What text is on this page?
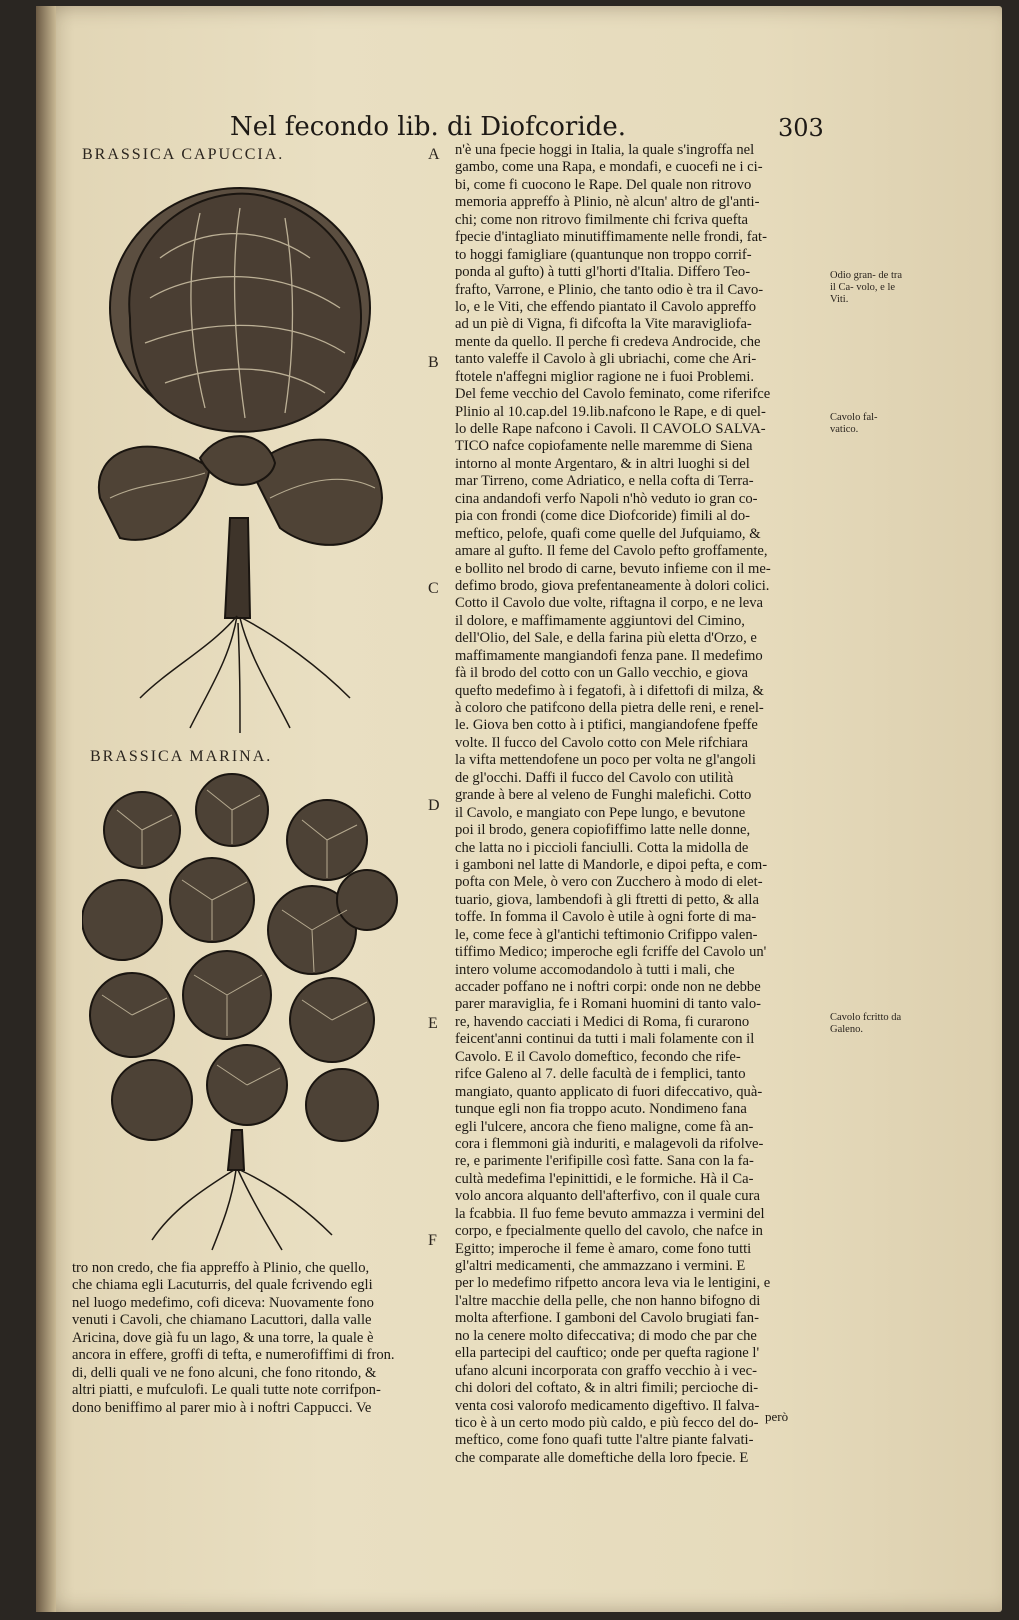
Nel fecondo lib. di Diofcoride.	303
BRASSICA CAPUCCIA.
BRASSICA MARINA.
tro non credo, che fia appreffo à Plinio, che quello,
che chiama egli Lacuturris, del quale fcrivendo egli
nel luogo medefimo, cofi diceva: Nuovamente fono
venuti i Cavoli, che chiamano Lacuttori, dalla valle
Aricina, dove già fu un lago, & una torre, la quale è
ancora in effere, groffi di tefta, e numerofiffimi di fron.
di, delli quali ve ne fono alcuni, che fono ritondo, &
altri piatti, e mufculofi. Le quali tutte note corrifpon-
dono beniffimo al parer mio à i noftri Cappucci. Ve
n'è una fpecie hoggi in Italia, la quale s'ingroffa nel
gambo, come una Rapa, e mondafi, e cuocefi ne i ci-
bi, come fi cuocono le Rape. Del quale non ritrovo
memoria appreffo à Plinio, nè alcun' altro de gl'anti-
chi; come non ritrovo fimilmente chi fcriva quefta
fpecie d'intagliato minutiffimamente nelle frondi, fat-
to hoggi famigliare (quantunque non troppo corrif-
ponda al gufto) à tutti gl'horti d'Italia. Differo Teo-
frafto, Varrone, e Plinio, che tanto odio è tra il Cavo-
lo, e le Viti, che effendo piantato il Cavolo appreffo
ad un piè di Vigna, fi difcofta la Vite maravigliofa-
mente da quello. Il perche fi credeva Androcide, che
tanto valeffe il Cavolo à gli ubriachi, come che Ari-
ftotele n'affegni miglior ragione ne i fuoi Problemi.
Del feme vecchio del Cavolo feminato, come riferifce
Plinio al 10.cap.del 19.lib.nafcono le Rape, e di quel-
lo delle Rape nafcono i Cavoli. Il CAVOLO SALVA-
TICO nafce copiofamente nelle maremme di Siena
intorno al monte Argentaro, & in altri luoghi si del
mar Tirreno, come Adriatico, e nella cofta di Terra-
cina andandofi verfo Napoli n'hò veduto io gran co-
pia con frondi (come dice Diofcoride) fimili al do-
meftico, pelofe, quafi come quelle del Jufquiamo, &
amare al gufto. Il feme del Cavolo pefto groffamente,
e bollito nel brodo di carne, bevuto infieme con il me-
defimo brodo, giova prefentaneamente à dolori colici.
Cotto il Cavolo due volte, riftagna il corpo, e ne leva
il dolore, e maffimamente aggiuntovi del Cimino,
dell'Olio, del Sale, e della farina più eletta d'Orzo, e
maffimamente mangiandofi fenza pane. Il medefimo
fà il brodo del cotto con un Gallo vecchio, e giova
quefto medefimo à i fegatofi, à i difettofi di milza, &
à coloro che patifcono della pietra delle reni, e renel-
le. Giova ben cotto à i ptifici, mangiandofene fpeffe
volte. Il fucco del Cavolo cotto con Mele rifchiara
la vifta mettendofene un poco per volta ne gl'angoli
de gl'occhi. Daffi il fucco del Cavolo con utilità
grande à bere al veleno de Funghi malefichi. Cotto
il Cavolo, e mangiato con Pepe lungo, e bevutone
poi il brodo, genera copiofiffimo latte nelle donne,
che latta no i piccioli fanciulli. Cotta la midolla de
i gamboni nel latte di Mandorle, e dipoi pefta, e com-
pofta con Mele, ò vero con Zucchero à modo di elet-
tuario, giova, lambendofi à gli ftretti di petto, & alla
toffe. In fomma il Cavolo è utile à ogni forte di ma-
le, come fece à gl'antichi teftimonio Crifippo valen-
tiffimo Medico; imperoche egli fcriffe del Cavolo un'
intero volume accomodandolo à tutti i mali, che
accader poffano ne i noftri corpi: onde non ne debbe
parer maraviglia, fe i Romani huomini di tanto valo-
re, havendo cacciati i Medici di Roma, fi curarono
feicent'anni continui da tutti i mali folamente con il
Cavolo. E il Cavolo domeftico, fecondo che rife-
rifce Galeno al 7. delle facultà de i femplici, tanto
mangiato, quanto applicato di fuori difeccativo, quà-
tunque egli non fia troppo acuto. Nondimeno fana
egli l'ulcere, ancora che fieno maligne, come fà an-
cora i flemmoni già induriti, e malagevoli da rifolve-
re, e parimente l'erifipille così fatte. Sana con la fa-
cultà medefima l'epinittidi, e le formiche. Hà il Ca-
volo ancora alquanto dell'afterfivo, con il quale cura
la fcabbia. Il fuo feme bevuto ammazza i vermini del
corpo, e fpecialmente quello del cavolo, che nafce in
Egitto; imperoche il feme è amaro, come fono tutti
gl'altri medicamenti, che ammazzano i vermini. E
per lo medefimo rifpetto ancora leva via le lentigini, e
l'altre macchie della pelle, che non hanno bifogno di
molta afterfione. I gamboni del Cavolo brugiati fan-
no la cenere molto difeccativa; di modo che par che
ella partecipi del cauftico; onde per quefta ragione l'
ufano alcuni incorporata con graffo vecchio à i vec-
chi dolori del coftato, & in altri fimili; percioche di-
venta cosi valorofo medicamento digeftivo. Il falva-
tico è à un certo modo più caldo, e più fecco del do-
meftico, come fono quafi tutte l'altre piante falvati-
che comparate alle domeftiche della loro fpecie. E
A
B
C
D
E
F
Odio gran- de tra il Ca- volo, e le Viti.
Cavolo fal- vatico.
Cavolo fcritto da Galeno.
però
